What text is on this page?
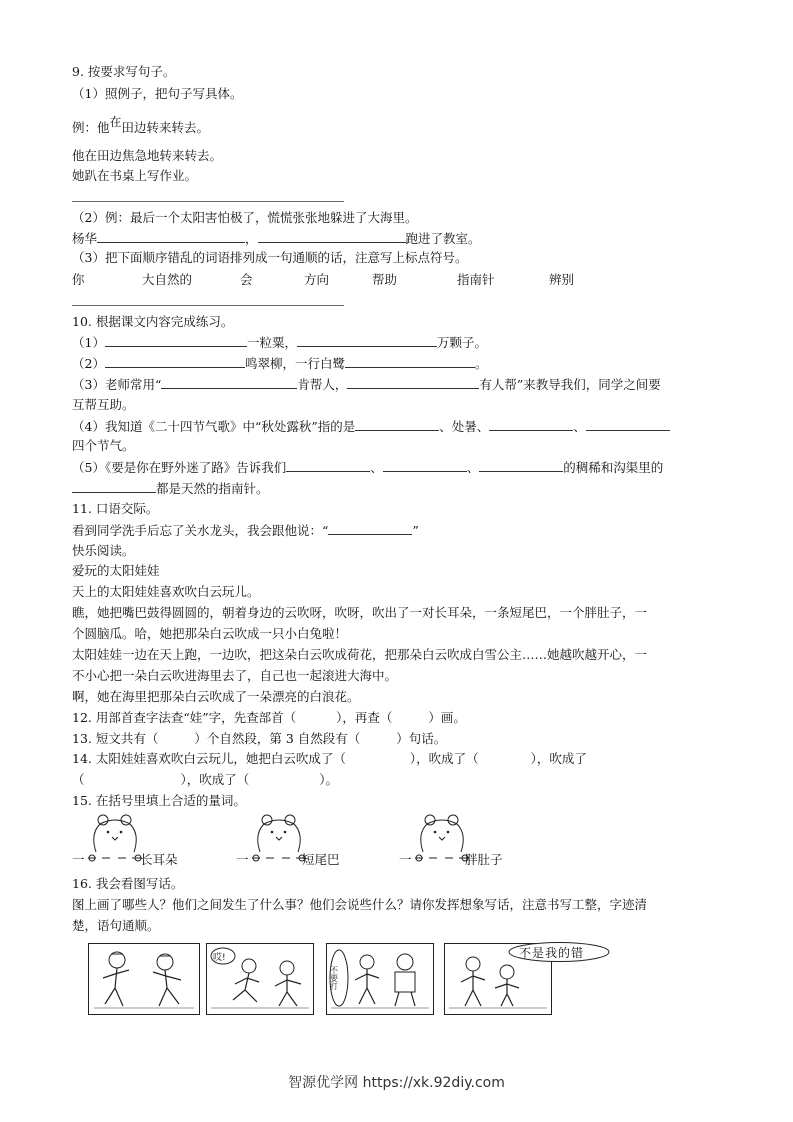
9. 按要求写句子。
（1）照例子，把句子写具体。
例：他在田边转来转去。
他在田边焦急地转来转去。
她趴在书桌上写作业。
（2）例：最后一个太阳害怕极了，慌慌张张地躲进了大海里。
杨华	，	跑进了教室。
（3）把下面顺序错乱的词语排列成一句通顺的话，注意写上标点符号。
你	大自然的	会	方向	帮助	指南针	辨别
10. 根据课文内容完成练习。
（1）	一粒粟，	万颗子。
（2）	鸣翠柳，一行白鹭	。
（3）老师常用“	肯帮人，	有人帮”来教导我们，同学之间要
互帮互助。
（4）我知道《二十四节气歌》中“秋处露秋”指的是	、处暑、	、
四个节气。
（5）《要是你在野外迷了路》告诉我们	、	、	的稠稀和沟渠里的
都是天然的指南针。
11. 口语交际。
看到同学洗手后忘了关水龙头，我会跟他说：“	”
快乐阅读。
爱玩的太阳娃娃
天上的太阳娃娃喜欢吹白云玩儿。
瞧，她把嘴巴鼓得圆圆的，朝着身边的云吹呀，吹呀，吹出了一对长耳朵，一条短尾巴，一个胖肚子，一
个圆脑瓜。哈，她把那朵白云吹成一只小白兔啦！
太阳娃娃一边在天上跑，一边吹，把这朵白云吹成荷花，把那朵白云吹成白雪公主……她越吹越开心，一
不小心把一朵白云吹进海里去了，自己也一起滚进大海中。
啊，她在海里把那朵白云吹成了一朵漂亮的白浪花。
12. 用部首查字法查“娃”字，先查部首（	），再查（	）画。
13. 短文共有（	）个自然段，第 3 自然段有（	）句话。
14. 太阳娃娃喜欢吹白云玩儿，她把白云吹成了（	），吹成了（	），吹成了
（	），吹成了（	）。
15. 在括号里填上合适的量词。
一	长耳朵	一	短尾巴	一	胖肚子
16. 我会看图写话。
图上画了哪些人？他们之间发生了什么事？他们会说些什么？请你发挥想象写话，注意书写工整，字迹清
楚，语句通顺。
哎!
不要打
不是我的错
智源优学网 https://xk.92diy.com
